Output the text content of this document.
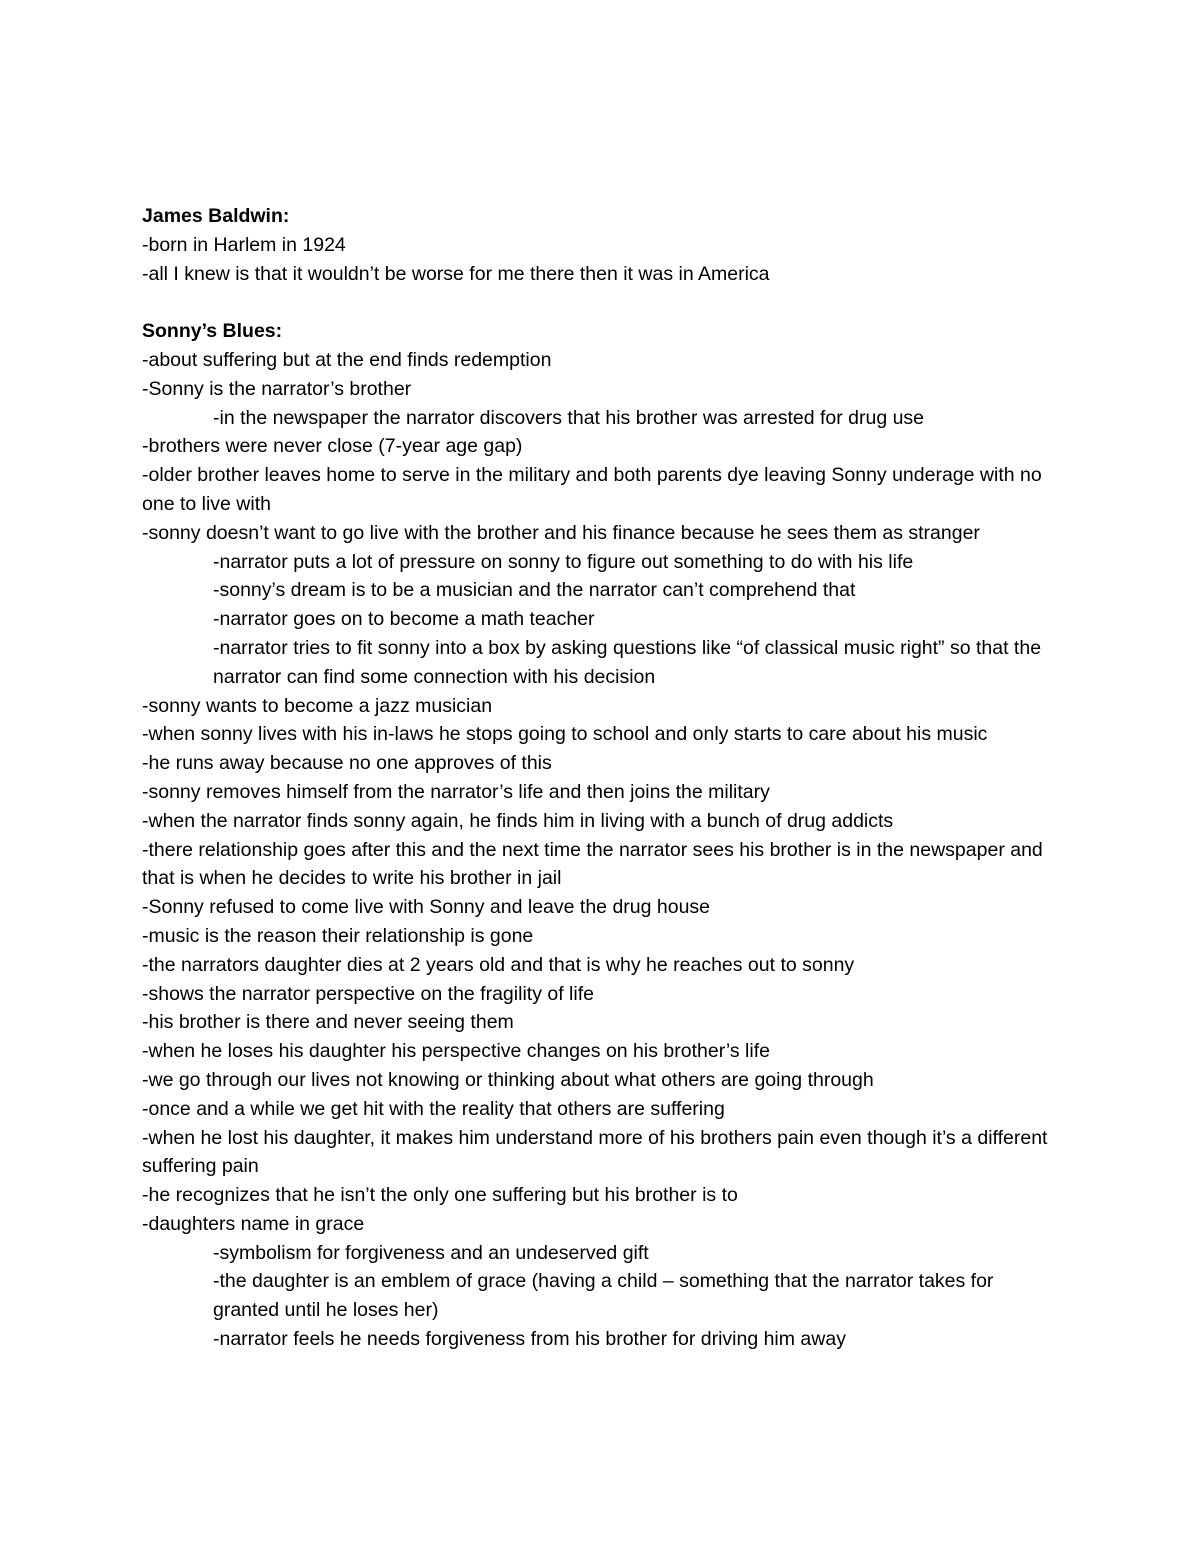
James Baldwin:

-born in Harlem in 1924
-all I knew is that it wouldn’t be worse for me there then it was in America

Sonny’s Blues:

-about suffering but at the end finds redemption
-Sonny is the narrator’s brother
-in the newspaper the narrator discovers that his brother was arrested for drug use
-brothers were never close (7-year age gap)
-older brother leaves home to serve in the military and both parents dye leaving Sonny underage with no one to live with
-sonny doesn’t want to go live with the brother and his finance because he sees them as stranger
-narrator puts a lot of pressure on sonny to figure out something to do with his life
-sonny’s dream is to be a musician and the narrator can’t comprehend that
-narrator goes on to become a math teacher
-narrator tries to fit sonny into a box by asking questions like “of classical music right” so that the narrator can find some connection with his decision
-sonny wants to become a jazz musician
-when sonny lives with his in-laws he stops going to school and only starts to care about his music
-he runs away because no one approves of this
-sonny removes himself from the narrator’s life and then joins the military
-when the narrator finds sonny again, he finds him in living with a bunch of drug addicts
-there relationship goes after this and the next time the narrator sees his brother is in the newspaper and that is when he decides to write his brother in jail
-Sonny refused to come live with Sonny and leave the drug house
-music is the reason their relationship is gone
-the narrators daughter dies at 2 years old and that is why he reaches out to sonny
-shows the narrator perspective on the fragility of life
-his brother is there and never seeing them
-when he loses his daughter his perspective changes on his brother’s life
-we go through our lives not knowing or thinking about what others are going through
-once and a while we get hit with the reality that others are suffering
-when he lost his daughter, it makes him understand more of his brothers pain even though it’s a different suffering pain
-he recognizes that he isn’t the only one suffering but his brother is to
-daughters name in grace
-symbolism for forgiveness and an undeserved gift
-the daughter is an emblem of grace (having a child – something that the narrator takes for granted until he loses her)
-narrator feels he needs forgiveness from his brother for driving him away
